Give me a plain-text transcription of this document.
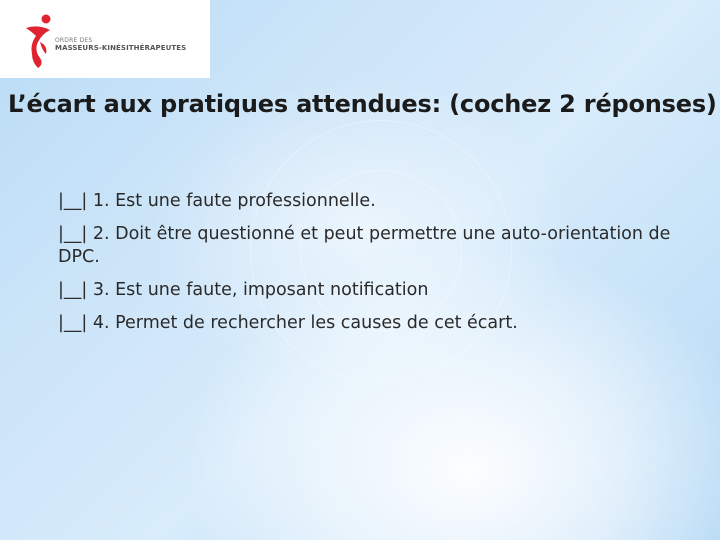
ORDRE DES
MASSEURS-KINÉSITHÉRAPEUTES
L’écart aux pratiques attendues: (cochez 2 réponses)
|__| 1. Est une faute professionnelle.
|__| 2. Doit être questionné et peut permettre une auto-orientation de DPC.
|__| 3. Est une faute, imposant notification
|__| 4. Permet de rechercher les causes de cet écart.
